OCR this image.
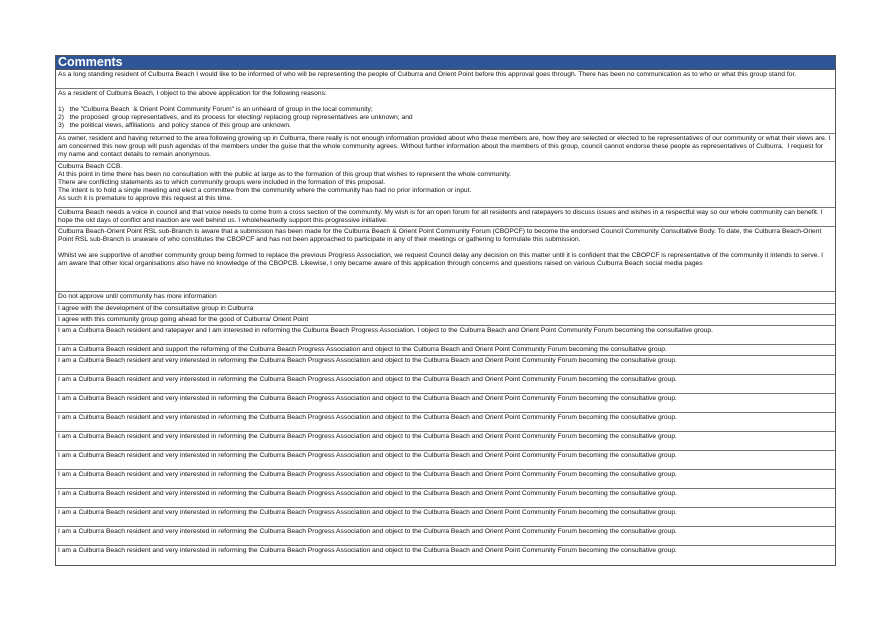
Comments
As a long standing resident of Culburra Beach I would like to be informed of who will be representing the people of Culburra and Orient Point before this approval goes through. There has been no communication as to who or what this group stand for.
As a resident of Culburra Beach, I object to the above application for the following reasons:
1)   the "Culburra Beach  & Orient Point Community Forum" is an unheard of group in the local community;
2)   the proposed  group representatives, and its process for electing/ replacing group representatives are unknown; and
3)   the political views, affiliations  and policy stance of this group are unknown.
As owner, resident and having returned to the area following growing up in Culburra, there really is not enough information provided about who these members are, how they are selected or elected to be representatives of our community or what their views are. I am concerned this new group will push agendas of the members under the guise that the whole community agrees. Without further information about the members of this group, council cannot endorse these people as representatives of Culburra.  I request for my name and contact details to remain anonymous.
Culburra Beach CCB.
At this point in time there has been no consultation with the public at large as to the formation of this group that wishes to represent the whole community.
There are conflicting statements as to which community groups were included in the formation of this proposal.
The intent is to hold a single meeting and elect a committee from the community where the community has had no prior information or input.
As such it is premature to approve this request at this time.
Culburra Beach needs a voice in council and that voice needs to come from a cross section of the community. My wish is for an open forum for all residents and ratepayers to discuss issues and wishes in a respectful way so our whole community can benefit. I hope the old days of conflict and inaction are well behind us. I wholeheartedly support this progressive initiative.
Culburra Beach-Orient Point RSL sub-Branch is aware that a submission has been made for the Culburra Beach & Orient Point Community Forum (CBOPCF) to become the endorsed Council Community Consultative Body. To date, the Culburra Beach-Orient Point RSL sub-Branch is unaware of who constitutes the CBOPCF and has not been approached to participate in any of their meetings or gathering to formulate this submission.
Whilst we are supportive of another community group being formed to replace the previous Progress Association, we request Council delay any decision on this matter until it is confident that the CBOPCF is representative of the community it intends to serve. I am aware that other local organisations also have no knowledge of the CBOPCB. Likewise, I only became aware of this application through concerns and questions raised on various Culburra Beach social media pages
Do not approve until community has more information
I agree with the development of the consultative group in Culburra
I agree with this community group going ahead for the good of Culburra/ Orient Point
I am a Culburra Beach resident and ratepayer and I am interested in reforming the Culburra Beach Progress Association. I object to the Culburra Beach and Orient Point Community Forum becoming the consultative group.
I am a Culburra Beach resident and support the reforming of the Culburra Beach Progress Association and object to the Culburra Beach and Orient Point Community Forum becoming the consultative group.
I am a Culburra Beach resident and very interested in reforming the Culburra Beach Progress Association and object to the Culburra Beach and Orient Point Community Forum becoming the consultative group.
I am a Culburra Beach resident and very interested in reforming the Culburra Beach Progress Association and object to the Culburra Beach and Orient Point Community Forum becoming the consultative group.
I am a Culburra Beach resident and very interested in reforming the Culburra Beach Progress Association and object to the Culburra Beach and Orient Point Community Forum becoming the consultative group.
I am a Culburra Beach resident and very interested in reforming the Culburra Beach Progress Association and object to the Culburra Beach and Orient Point Community Forum becoming the consultative group.
I am a Culburra Beach resident and very interested in reforming the Culburra Beach Progress Association and object to the Culburra Beach and Orient Point Community Forum becoming the consultative group.
I am a Culburra Beach resident and very interested in reforming the Culburra Beach Progress Association and object to the Culburra Beach and Orient Point Community Forum becoming the consultative group.
I am a Culburra Beach resident and very interested in reforming the Culburra Beach Progress Association and object to the Culburra Beach and Orient Point Community Forum becoming the consultative group.
I am a Culburra Beach resident and very interested in reforming the Culburra Beach Progress Association and object to the Culburra Beach and Orient Point Community Forum becoming the consultative group.
I am a Culburra Beach resident and very interested in reforming the Culburra Beach Progress Association and object to the Culburra Beach and Orient Point Community Forum becoming the consultative group.
I am a Culburra Beach resident and very interested in reforming the Culburra Beach Progress Association and object to the Culburra Beach and Orient Point Community Forum becoming the consultative group.
I am a Culburra Beach resident and very interested in reforming the Culburra Beach Progress Association and object to the Culburra Beach and Orient Point Community Forum becoming the consultative group.
